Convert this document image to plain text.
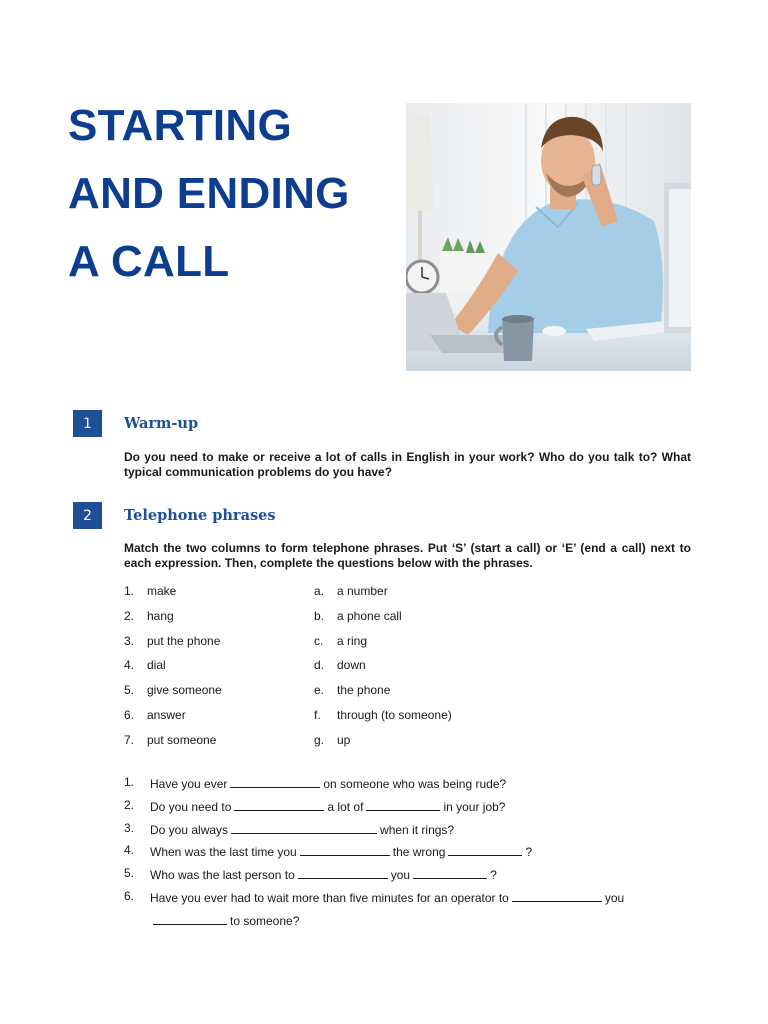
STARTING
AND ENDING
A CALL
1	Warm-up

Do you need to make or receive a lot of calls in English in your work? Who do you talk to? What typical communication problems do you have?

2	Telephone phrases

Match the two columns to form telephone phrases. Put ‘S’ (start a call) or ‘E’ (end a call) next to each expression. Then, complete the questions below with the phrases.

1. make	a. a number
2. hang	b. a phone call
3. put the phone	c. a ring
4. dial	d. down
5. give someone	e. the phone
6. answer	f. through (to someone)
7. put someone	g. up
1. Have you ever	on someone who was being rude?
2. Do you need to	a lot of	in your job?
3. Do you always	when it rings?
4. When was the last time you	the wrong	?
5. Who was the last person to	you	?
6. Have you ever had to wait more than five minutes for an operator to	you
to someone?
